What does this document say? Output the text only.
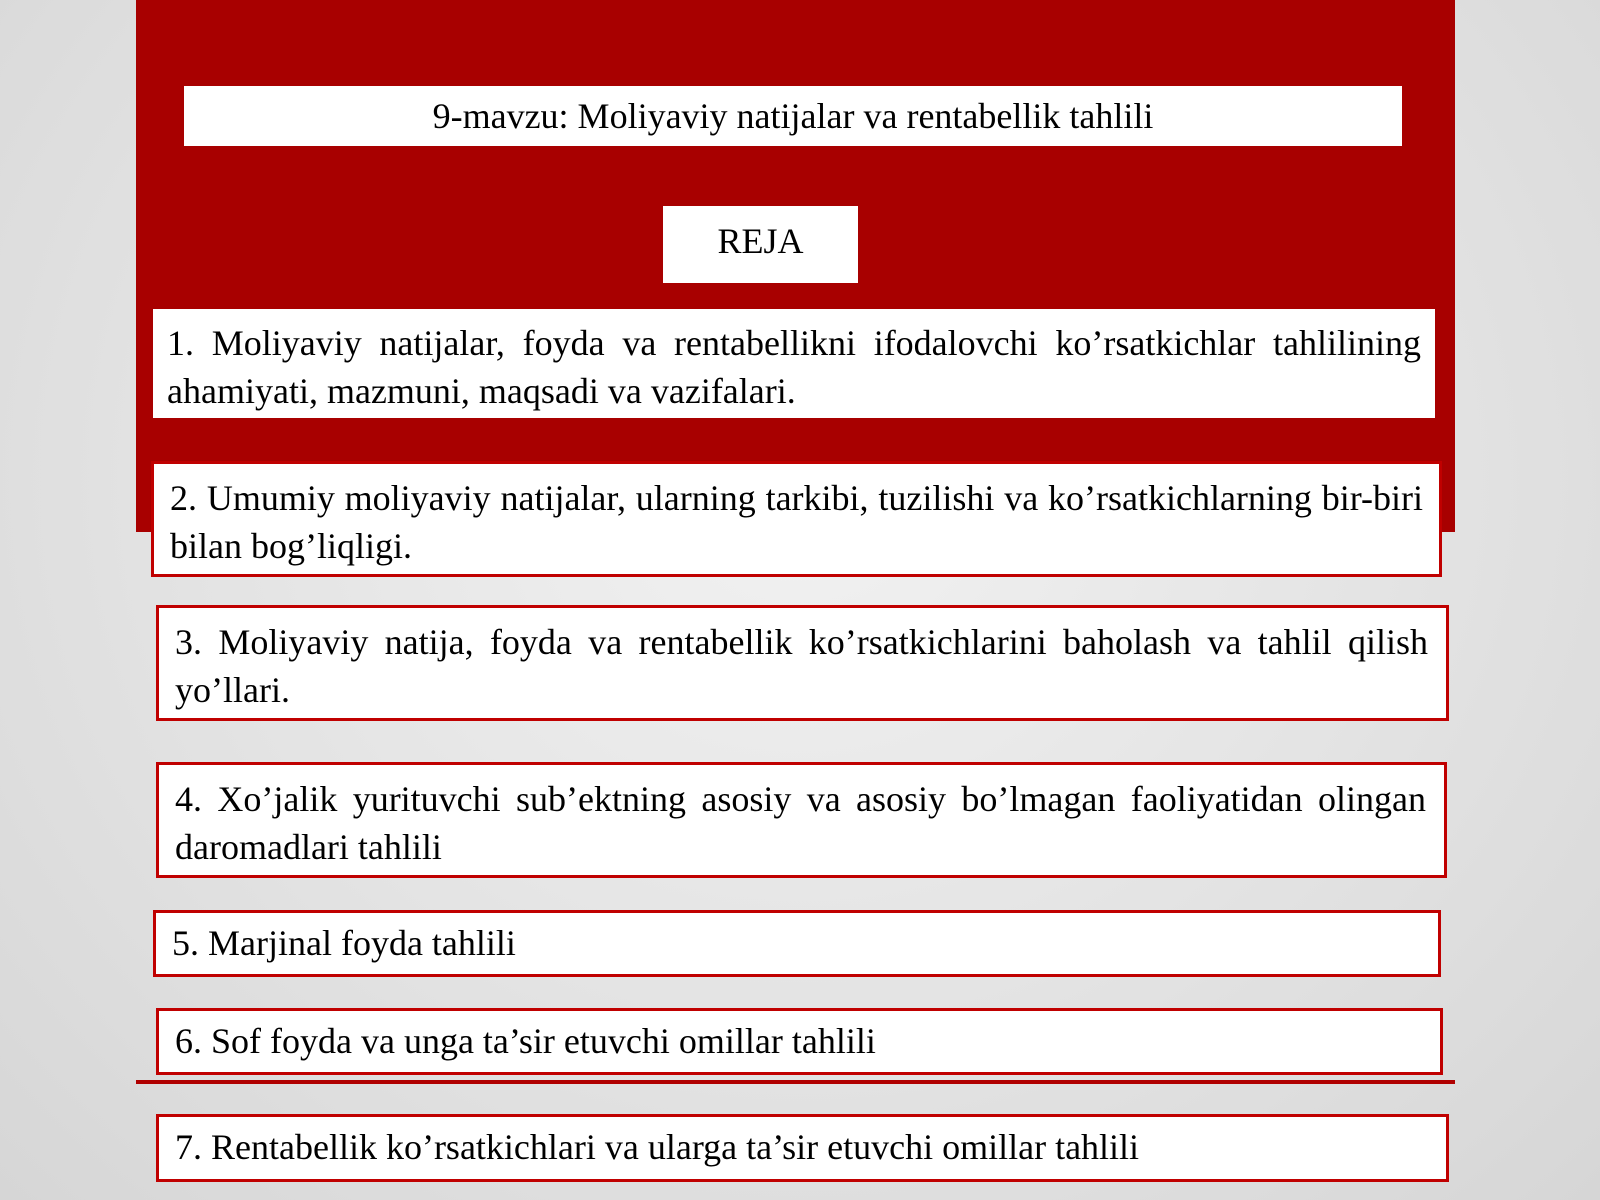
9-mavzu: Moliyaviy natijalar va rentabellik tahlili
REJA
1. Moliyaviy natijalar, foyda va rentabellikni ifodalovchi ko’rsatkichlar tahlilining ahamiyati, mazmuni, maqsadi va vazifalari.
2. Umumiy moliyaviy natijalar, ularning tarkibi, tuzilishi va ko’rsatkichlarning bir-biri bilan bog’liqligi.
3. Moliyaviy natija, foyda va rentabellik ko’rsatkichlarini baholash va tahlil qilish yo’llari.
4. Xo’jalik yurituvchi sub’ektning asosiy va asosiy bo’lmagan faoliyatidan olingan daromadlari tahlili
5. Marjinal foyda tahlili
6. Sof foyda va unga ta’sir etuvchi omillar tahlili
7. Rentabellik ko’rsatkichlari va ularga ta’sir etuvchi omillar tahlili
